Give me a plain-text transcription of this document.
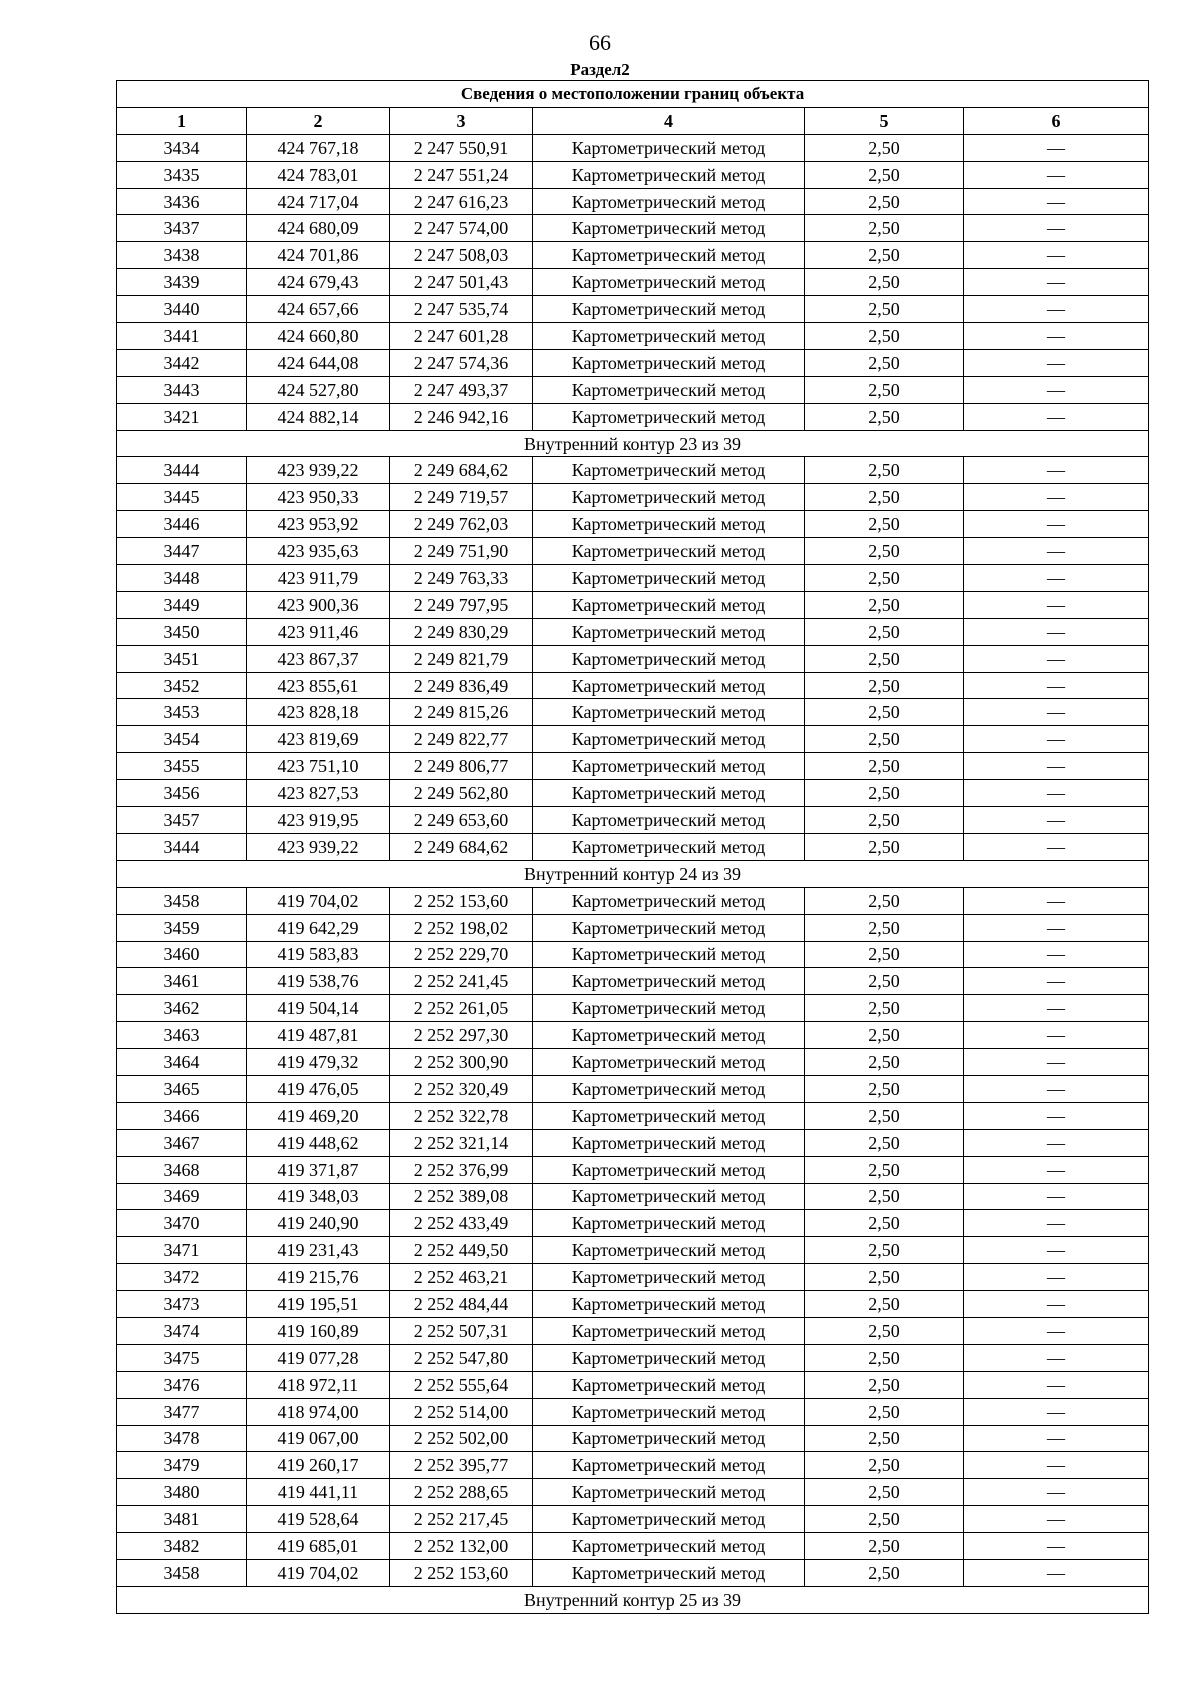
66
Раздел2
Сведения о местоположении границ объекта					
1	2	3	4	5	6
3434	424 767,18	2 247 550,91	Картометрический метод	2,50	—
3435	424 783,01	2 247 551,24	Картометрический метод	2,50	—
3436	424 717,04	2 247 616,23	Картометрический метод	2,50	—
3437	424 680,09	2 247 574,00	Картометрический метод	2,50	—
3438	424 701,86	2 247 508,03	Картометрический метод	2,50	—
3439	424 679,43	2 247 501,43	Картометрический метод	2,50	—
3440	424 657,66	2 247 535,74	Картометрический метод	2,50	—
3441	424 660,80	2 247 601,28	Картометрический метод	2,50	—
3442	424 644,08	2 247 574,36	Картометрический метод	2,50	—
3443	424 527,80	2 247 493,37	Картометрический метод	2,50	—
3421	424 882,14	2 246 942,16	Картометрический метод	2,50	—
Внутренний контур 23 из 39					
3444	423 939,22	2 249 684,62	Картометрический метод	2,50	—
3445	423 950,33	2 249 719,57	Картометрический метод	2,50	—
3446	423 953,92	2 249 762,03	Картометрический метод	2,50	—
3447	423 935,63	2 249 751,90	Картометрический метод	2,50	—
3448	423 911,79	2 249 763,33	Картометрический метод	2,50	—
3449	423 900,36	2 249 797,95	Картометрический метод	2,50	—
3450	423 911,46	2 249 830,29	Картометрический метод	2,50	—
3451	423 867,37	2 249 821,79	Картометрический метод	2,50	—
3452	423 855,61	2 249 836,49	Картометрический метод	2,50	—
3453	423 828,18	2 249 815,26	Картометрический метод	2,50	—
3454	423 819,69	2 249 822,77	Картометрический метод	2,50	—
3455	423 751,10	2 249 806,77	Картометрический метод	2,50	—
3456	423 827,53	2 249 562,80	Картометрический метод	2,50	—
3457	423 919,95	2 249 653,60	Картометрический метод	2,50	—
3444	423 939,22	2 249 684,62	Картометрический метод	2,50	—
Внутренний контур 24 из 39					
3458	419 704,02	2 252 153,60	Картометрический метод	2,50	—
3459	419 642,29	2 252 198,02	Картометрический метод	2,50	—
3460	419 583,83	2 252 229,70	Картометрический метод	2,50	—
3461	419 538,76	2 252 241,45	Картометрический метод	2,50	—
3462	419 504,14	2 252 261,05	Картометрический метод	2,50	—
3463	419 487,81	2 252 297,30	Картометрический метод	2,50	—
3464	419 479,32	2 252 300,90	Картометрический метод	2,50	—
3465	419 476,05	2 252 320,49	Картометрический метод	2,50	—
3466	419 469,20	2 252 322,78	Картометрический метод	2,50	—
3467	419 448,62	2 252 321,14	Картометрический метод	2,50	—
3468	419 371,87	2 252 376,99	Картометрический метод	2,50	—
3469	419 348,03	2 252 389,08	Картометрический метод	2,50	—
3470	419 240,90	2 252 433,49	Картометрический метод	2,50	—
3471	419 231,43	2 252 449,50	Картометрический метод	2,50	—
3472	419 215,76	2 252 463,21	Картометрический метод	2,50	—
3473	419 195,51	2 252 484,44	Картометрический метод	2,50	—
3474	419 160,89	2 252 507,31	Картометрический метод	2,50	—
3475	419 077,28	2 252 547,80	Картометрический метод	2,50	—
3476	418 972,11	2 252 555,64	Картометрический метод	2,50	—
3477	418 974,00	2 252 514,00	Картометрический метод	2,50	—
3478	419 067,00	2 252 502,00	Картометрический метод	2,50	—
3479	419 260,17	2 252 395,77	Картометрический метод	2,50	—
3480	419 441,11	2 252 288,65	Картометрический метод	2,50	—
3481	419 528,64	2 252 217,45	Картометрический метод	2,50	—
3482	419 685,01	2 252 132,00	Картометрический метод	2,50	—
3458	419 704,02	2 252 153,60	Картометрический метод	2,50	—
Внутренний контур 25 из 39					
